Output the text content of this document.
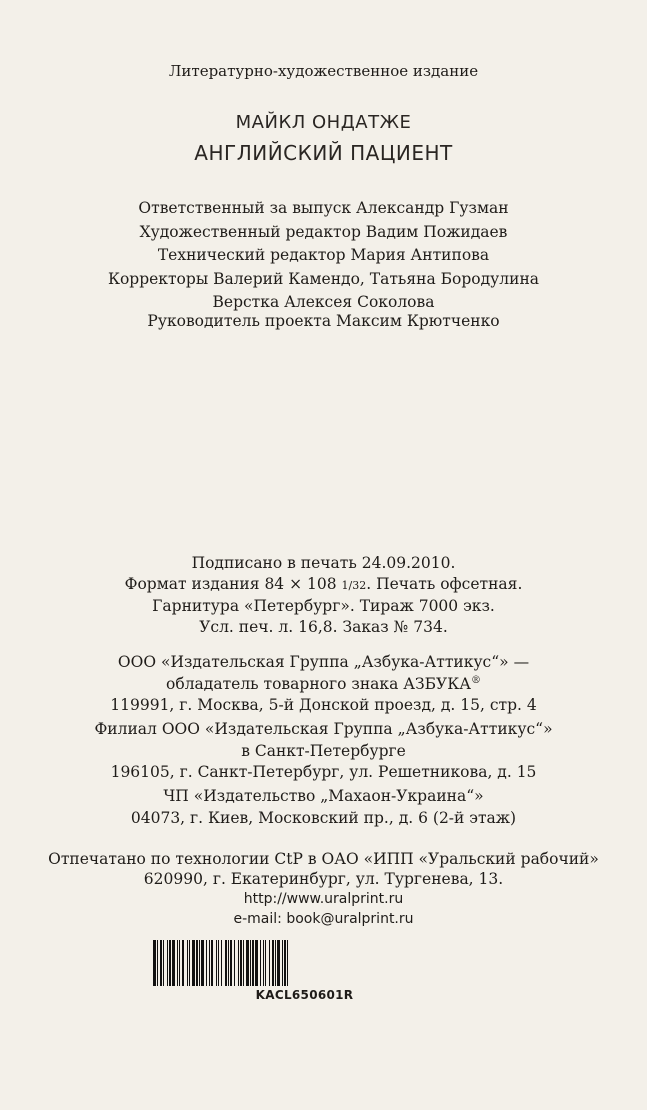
Литературно-художественное издание
МАЙКЛ ОНДАТЖЕ
АНГЛИЙСКИЙ ПАЦИЕНТ
Ответственный за выпуск Александр Гузман
Художественный редактор Вадим Пожидаев
Технический редактор Мария Антипова
Корректоры Валерий Камендо, Татьяна Бородулина
Верстка Алексея Соколова
Руководитель проекта Максим Крютченко
Подписано в печать 24.09.2010.
Формат издания 84 × 108 1/32. Печать офсетная.
Гарнитура «Петербург». Тираж 7000 экз.
Усл. печ. л. 16,8. Заказ № 734.
ООО «Издательская Группа „Азбука-Аттикус“» —
обладатель товарного знака АЗБУКА®
119991, г. Москва, 5-й Донской проезд, д. 15, стр. 4
Филиал ООО «Издательская Группа „Азбука-Аттикус“»
в Санкт-Петербурге
196105, г. Санкт-Петербург, ул. Решетникова, д. 15
ЧП «Издательство „Махаон-Украина“»
04073, г. Киев, Московский пр., д. 6 (2-й этаж)
Отпечатано по технологии CtP в ОАО «ИПП «Уральский рабочий»
620990, г. Екатеринбург, ул. Тургенева, 13.
http://www.uralprint.ru
e-mail: book@uralprint.ru
KACL650601R
